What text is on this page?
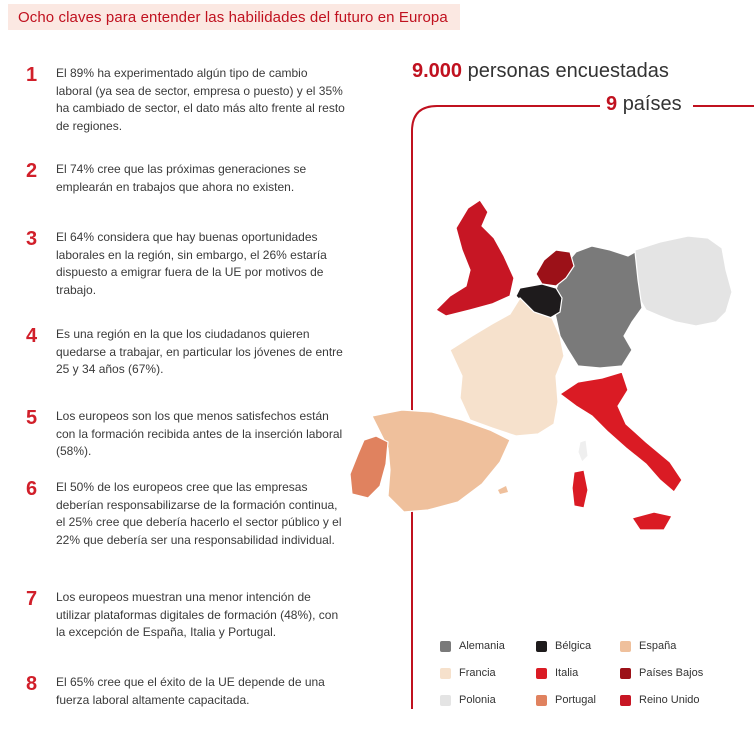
Ocho claves para entender las habilidades del futuro en Europa
1	El 89% ha experimentado algún tipo de cambio laboral (ya sea de sector, empresa o puesto) y el 35% ha cambiado de sector, el dato más alto frente al resto de regiones.
2	El 74% cree que las próximas generaciones se emplearán en trabajos que ahora no existen.
3	El 64% considera que hay buenas oportunidades laborales en la región, sin embargo, el 26% estaría dispuesto a emigrar fuera de la UE por motivos de trabajo.
4	Es una región en la que los ciudadanos quieren quedarse a trabajar, en particular los jóvenes de entre 25 y 34 años (67%).
5	Los europeos son los que menos satisfechos están con la formación recibida antes de la inserción laboral (58%).
6	El 50% de los europeos cree que las empresas deberían responsabilizarse de la formación continua, el 25% cree que debería hacerlo el sector público y el 22% que debería ser una responsabilidad individual.
7	Los europeos muestran una menor intención de utilizar plataformas digitales de formación (48%), con la excepción de España, Italia y Portugal.
8	El 65% cree que el éxito de la UE depende de una fuerza laboral altamente capacitada.
9.000 personas encuestadas
9 países
Alemania	Bélgica	España
Francia	Italia	Países Bajos
Polonia	Portugal	Reino Unido
